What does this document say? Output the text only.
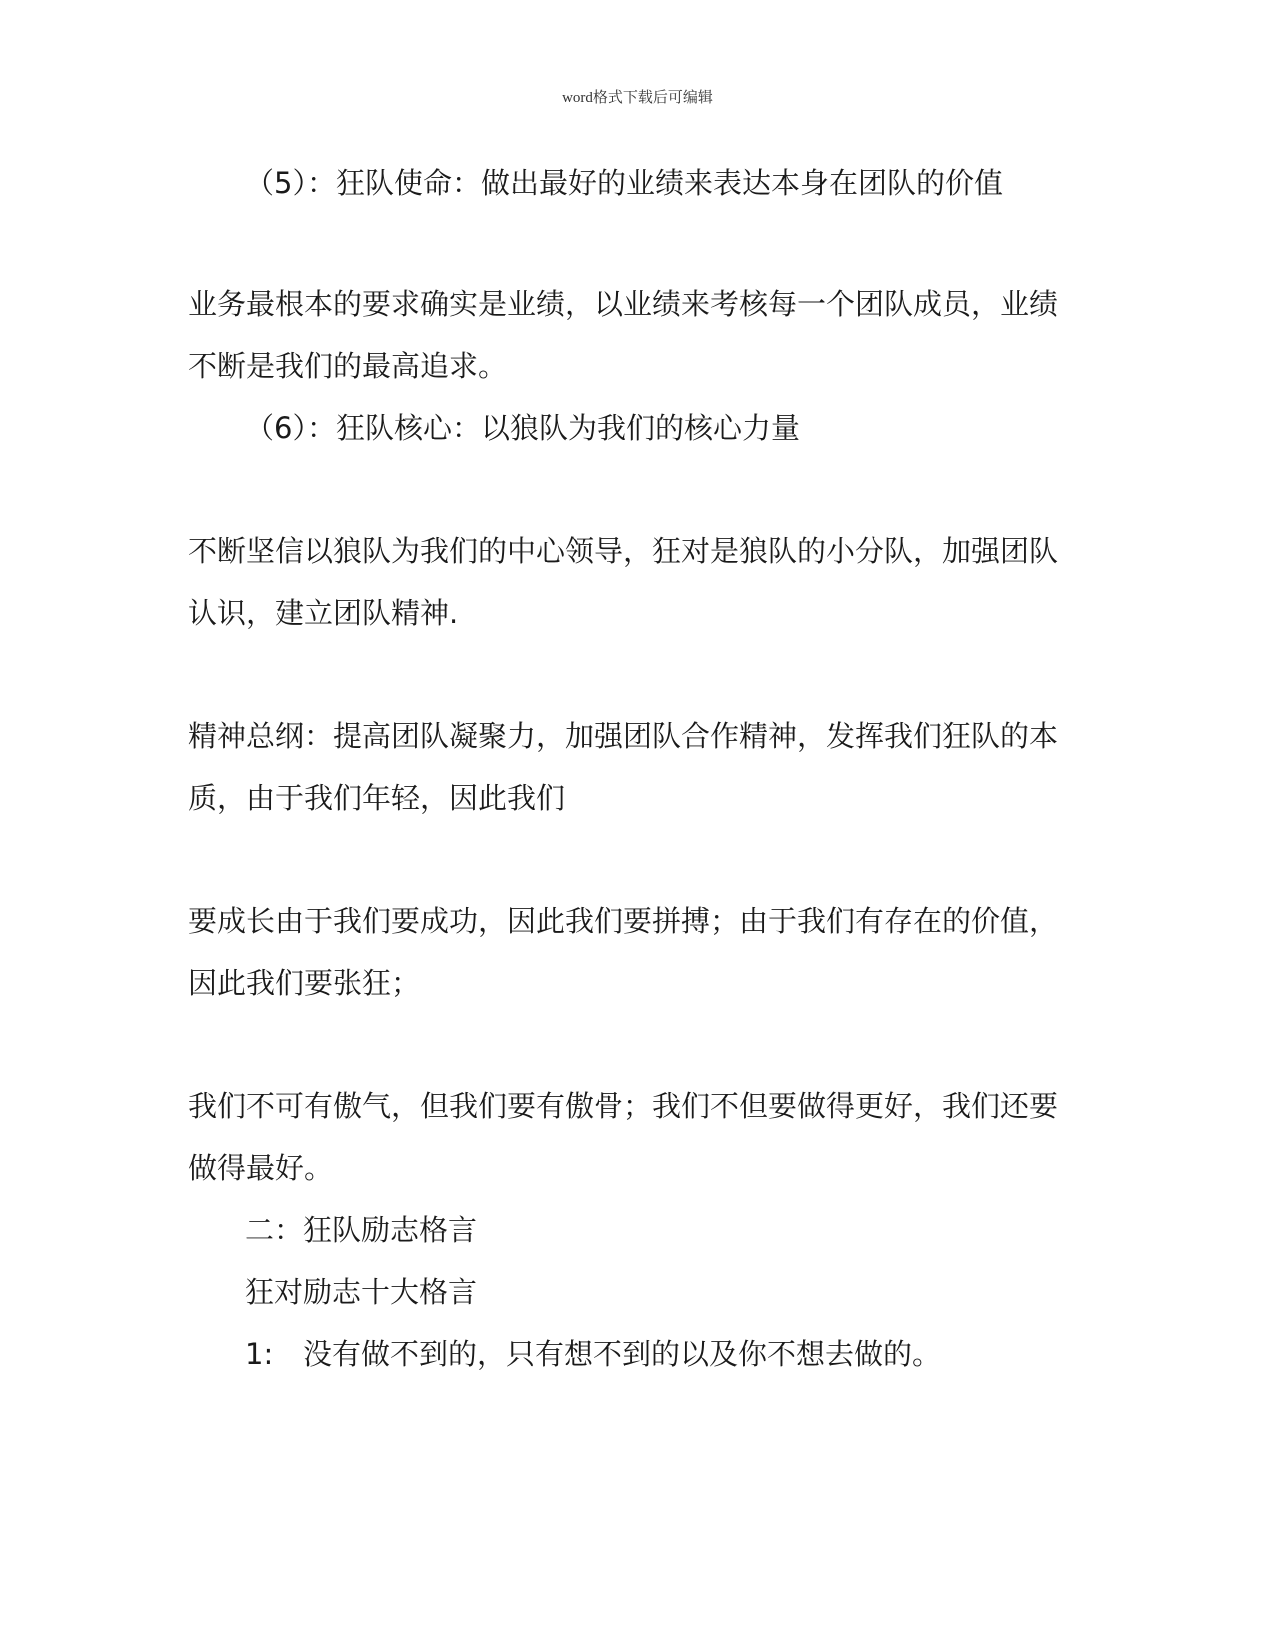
word格式下载后可编辑
（5）：狂队使命：做出最好的业绩来表达本身在团队的价值
业务最根本的要求确实是业绩，以业绩来考核每一个团队成员，业绩
不断是我们的最高追求。
（6）：狂队核心：以狼队为我们的核心力量
不断坚信以狼队为我们的中心领导，狂对是狼队的小分队，加强团队
认识，建立团队精神.
精神总纲：提高团队凝聚力，加强团队合作精神，发挥我们狂队的本
质，由于我们年轻，因此我们
要成长由于我们要成功，因此我们要拼搏；由于我们有存在的价值，
因此我们要张狂；
我们不可有傲气，但我们要有傲骨；我们不但要做得更好，我们还要
做得最好。
二：狂队励志格言
狂对励志十大格言
1: 没有做不到的，只有想不到的以及你不想去做的。
